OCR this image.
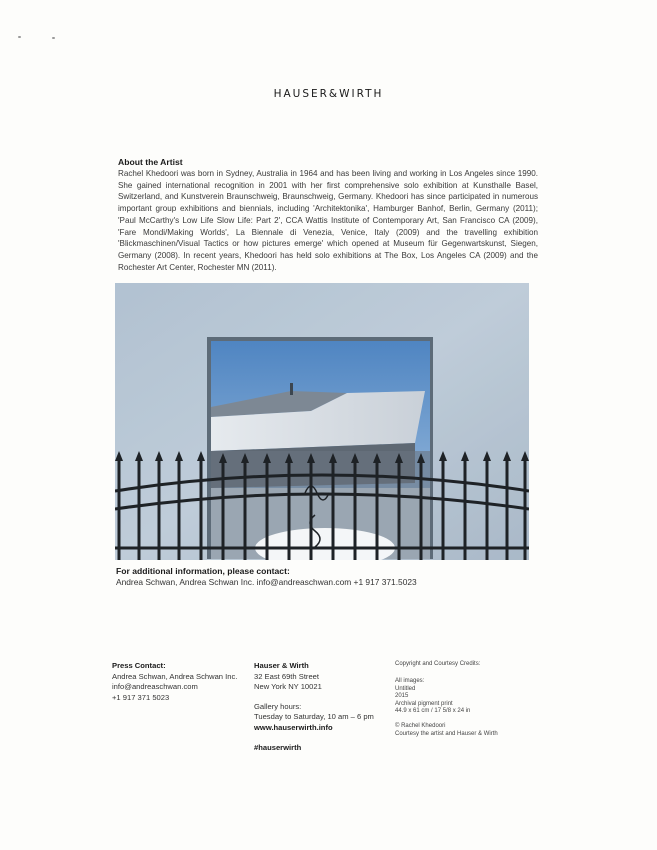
HAUSER&WIRTH
About the Artist

Rachel Khedoori was born in Sydney, Australia in 1964 and has been living and working in Los Angeles since 1990. She gained international recognition in 2001 with her first comprehensive solo exhibition at Kunsthalle Basel, Switzerland, and Kunstverein Braunschweig, Braunschweig, Germany. Khedoori has since participated in numerous important group exhibitions and biennials, including 'Architektonika', Hamburger Banhof, Berlin, Germany (2011); 'Paul McCarthy's Low Life Slow Life: Part 2', CCA Wattis Institute of Contemporary Art, San Francisco CA (2009), 'Fare Mondi/Making Worlds', La Biennale di Venezia, Venice, Italy (2009) and the travelling exhibition 'Blickmaschinen/Visual Tactics or how pictures emerge' which opened at Museum für Gegenwartskunst, Siegen, Germany (2008). In recent years, Khedoori has held solo exhibitions at The Box, Los Angeles CA (2009) and the Rochester Art Center, Rochester MN (2011).

For additional information, please contact:
Andrea Schwan, Andrea Schwan Inc. info@andreaschwan.com +1 917 371.5023
Press Contact:
Andrea Schwan, Andrea Schwan Inc.
info@andreaschwan.com
+1 917 371 5023
Hauser & Wirth
32 East 69th Street
New York NY 10021
Gallery hours:
Tuesday to Saturday, 10 am – 6 pm
www.hauserwirth.info
#hauserwirth
Copyright and Courtesy Credits:
All images:
Untitled
2015
Archival pigment print
44.9 x 61 cm / 17 5/8 x 24 in
© Rachel Khedoori
Courtesy the artist and Hauser & Wirth
